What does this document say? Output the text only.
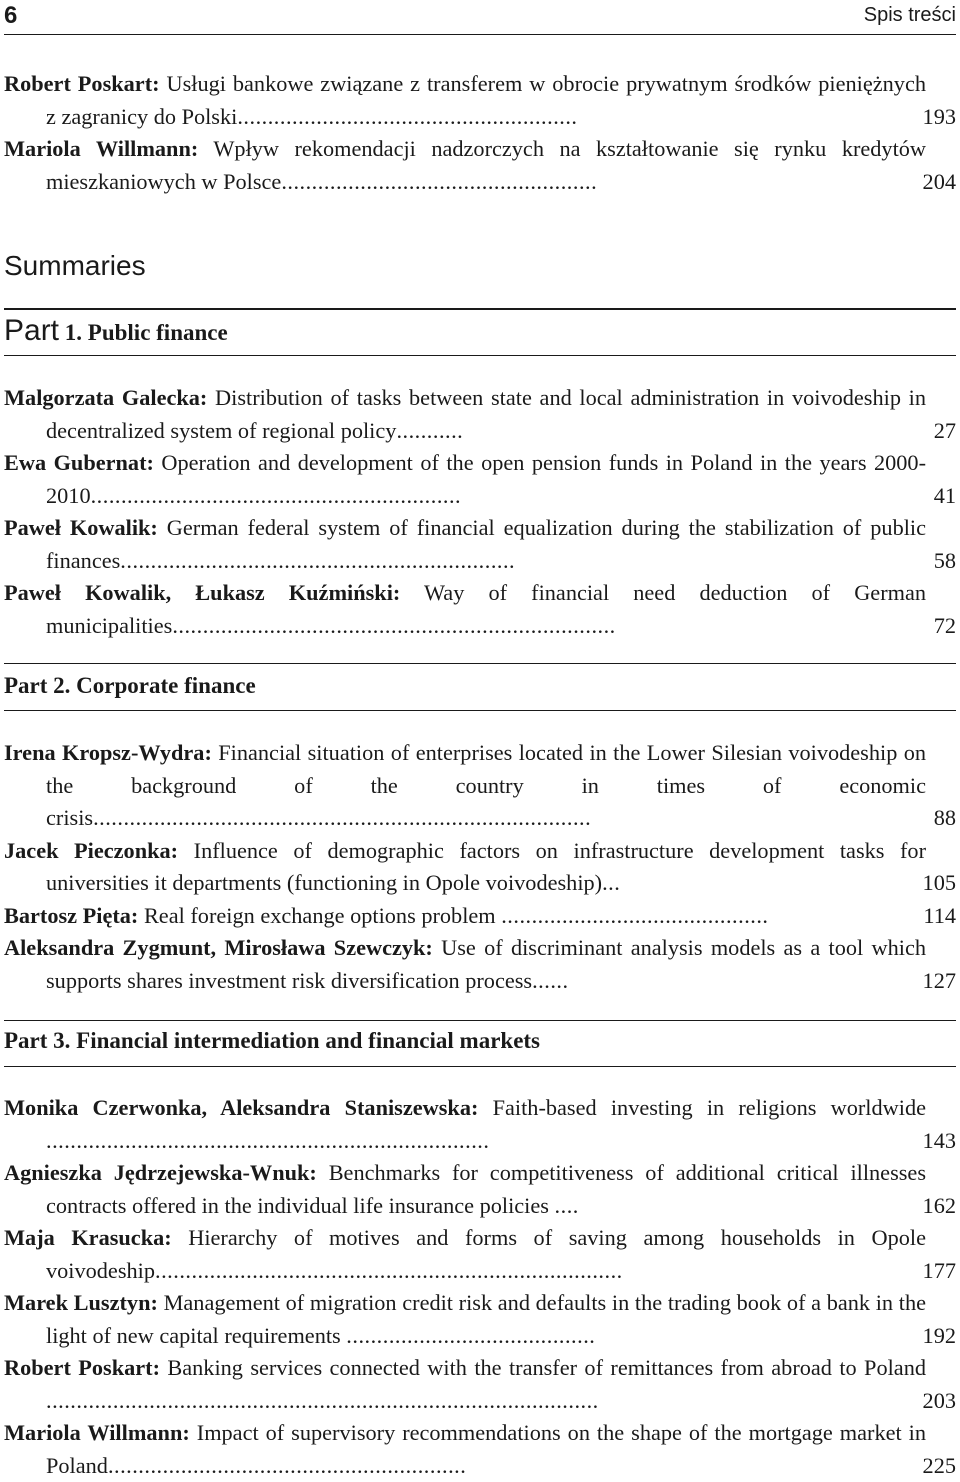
6	Spis treści
Robert Poskart: Usługi bankowe związane z transferem w obrocie prywatnym środków pieniężnych z zagranicy do Polski........................................................	193
Mariola Willmann: Wpływ rekomendacji nadzorczych na kształtowanie się rynku kredytów mieszkaniowych w Polsce....................................................	204
Summaries
Part 1. Public finance
Malgorzata Galecka: Distribution of tasks between state and local administration in voivodeship in decentralized system of regional policy...........	27
Ewa Gubernat: Operation and development of the open pension funds in Poland in the years 2000-2010.............................................................	41
Paweł Kowalik: German federal system of financial equalization during the stabilization of public finances.................................................................	58
Paweł Kowalik, Łukasz Kuźmiński: Way of financial need deduction of German municipalities.........................................................................	72
Part 2. Corporate finance
Irena Kropsz-Wydra: Financial situation of enterprises located in the Lower Silesian voivodeship on the background of the country in times of economic crisis..................................................................................	88
Jacek Pieczonka: Influence of demographic factors on infrastructure development tasks for universities it departments (functioning in Opole voivodeship)...	105
Bartosz Pięta: Real foreign exchange options problem ............................................	114
Aleksandra Zygmunt, Mirosława Szewczyk: Use of discriminant analysis models as a tool which supports shares investment risk diversification process......	127
Part 3. Financial intermediation and financial markets
Monika Czerwonka, Aleksandra Staniszewska: Faith-based investing in religions worldwide .........................................................................	143
Agnieszka Jędrzejewska-Wnuk: Benchmarks for competitiveness of additional critical illnesses contracts offered in the individual life insurance policies ....	162
Maja Krasucka: Hierarchy of motives and forms of saving among households in Opole voivodeship.............................................................................	177
Marek Lusztyn: Management of migration credit risk and defaults in the trading book of a bank in the light of new capital requirements .........................................	192
Robert Poskart: Banking services connected with the transfer of remittances from abroad to Poland ...........................................................................................	203
Mariola Willmann: Impact of supervisory recommendations on the shape of the mortgage market in Poland...........................................................	225
